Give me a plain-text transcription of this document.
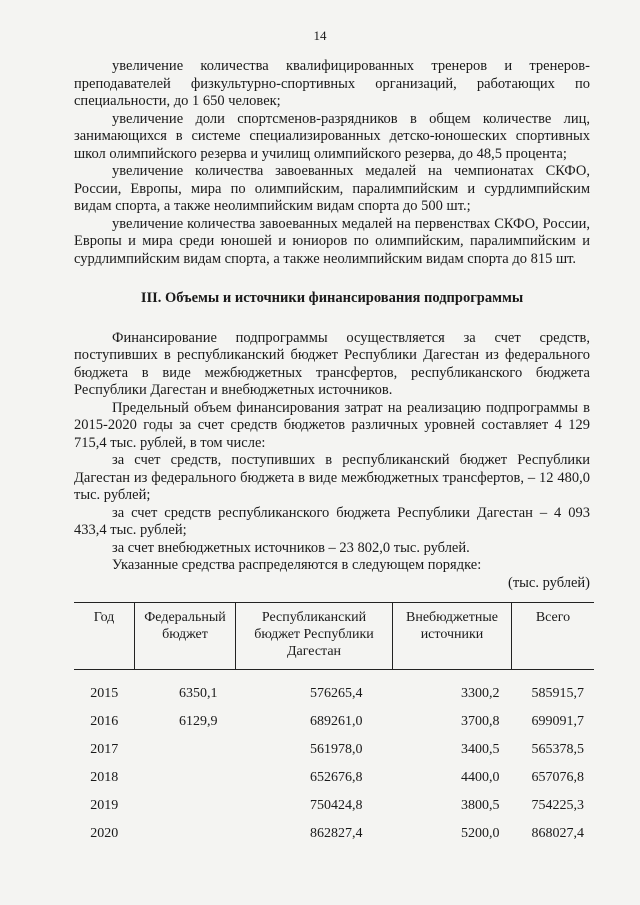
14

увеличение количества квалифицированных тренеров и тренеров-преподавателей физкультурно-спортивных организаций, работающих по специальности, до 1 650 человек;

увеличение доли спортсменов-разрядников в общем количестве лиц, занимающихся в системе специализированных детско-юношеских спортивных школ олимпийского резерва и училищ олимпийского резерва, до 48,5 процента;

увеличение количества завоеванных медалей на чемпионатах СКФО, России, Европы, мира по олимпийским, паралимпийским и сурдлимпийским видам спорта, а также неолимпийским видам спорта до 500 шт.;

увеличение количества завоеванных медалей на первенствах СКФО, России, Европы и мира среди юношей и юниоров по олимпийским, паралимпийским и сурдлимпийским видам спорта, а также неолимпийским видам спорта до 815 шт.

III. Объемы и источники финансирования подпрограммы

Финансирование подпрограммы осуществляется за счет средств, поступивших в республиканский бюджет Республики Дагестан из федерального бюджета в виде межбюджетных трансфертов, республиканского бюджета Республики Дагестан и внебюджетных источников.

Предельный объем финансирования затрат на реализацию подпрограммы в 2015-2020 годы за счет средств бюджетов различных уровней составляет 4 129 715,4 тыс. рублей, в том числе:

за счет средств, поступивших в республиканский бюджет Республики Дагестан из федерального бюджета в виде межбюджетных трансфертов, – 12 480,0 тыс. рублей;

за счет средств республиканского бюджета Республики Дагестан – 4 093 433,4 тыс. рублей;

за счет внебюджетных источников – 23 802,0 тыс. рублей.

Указанные средства распределяются в следующем порядке:

(тыс. рублей)

Год	Федеральный бюджет	Республиканский бюджет Республики Дагестан	Внебюджетные источники	Всего
2015	6350,1	576265,4	3300,2	585915,7
2016	6129,9	689261,0	3700,8	699091,7
2017		561978,0	3400,5	565378,5
2018		652676,8	4400,0	657076,8
2019		750424,8	3800,5	754225,3
2020		862827,4	5200,0	868027,4
